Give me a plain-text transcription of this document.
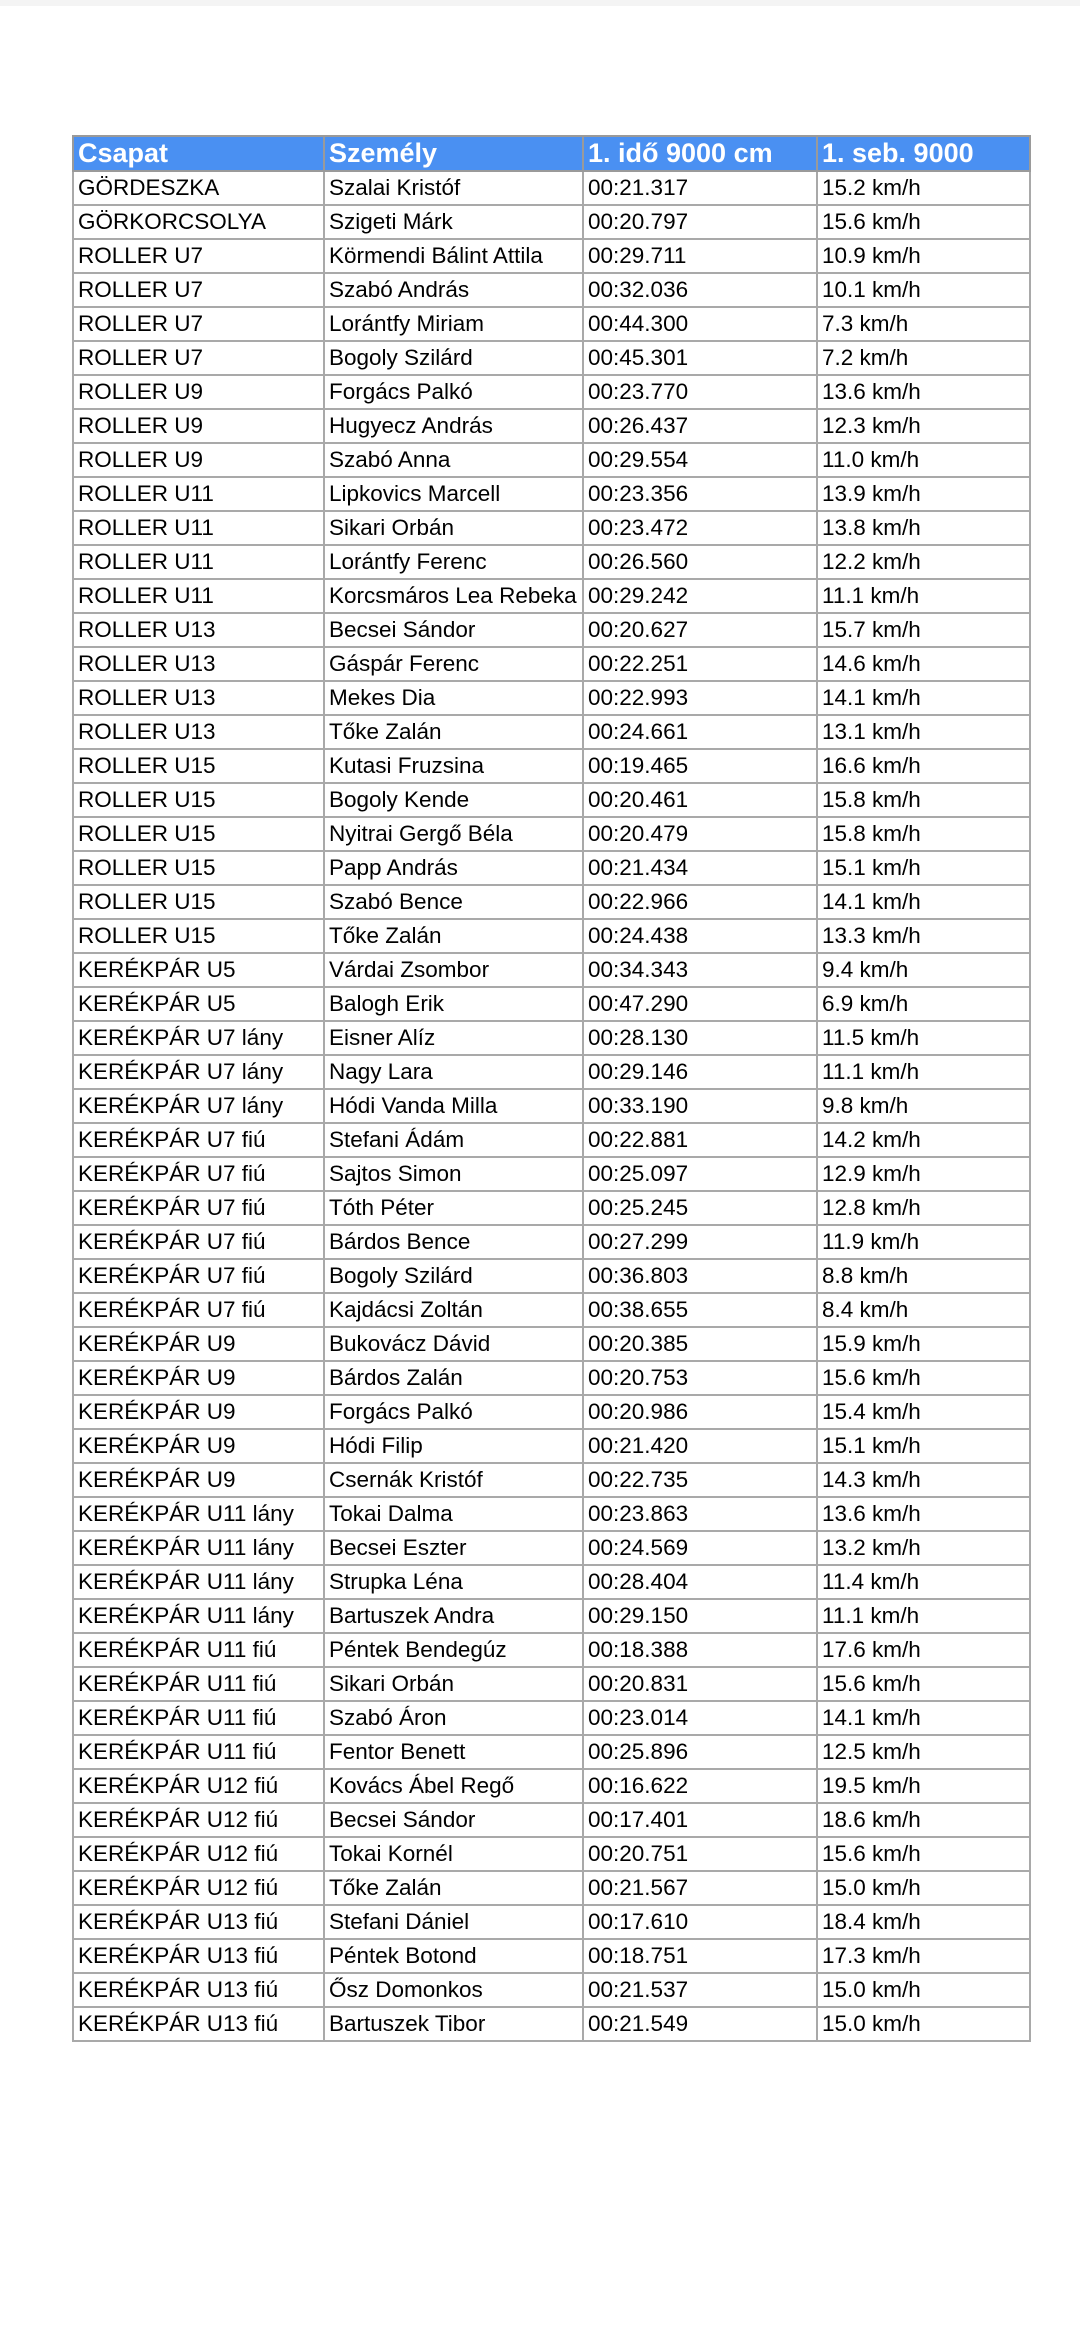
Csapat	Személy	1. idő 9000 cm	1. seb. 9000
GÖRDESZKA	Szalai Kristóf	00:21.317	15.2 km/h
GÖRKORCSOLYA	Szigeti Márk	00:20.797	15.6 km/h
ROLLER U7	Körmendi Bálint Attila	00:29.711	10.9 km/h
ROLLER U7	Szabó András	00:32.036	10.1 km/h
ROLLER U7	Lorántfy Miriam	00:44.300	7.3 km/h
ROLLER U7	Bogoly Szilárd	00:45.301	7.2 km/h
ROLLER U9	Forgács Palkó	00:23.770	13.6 km/h
ROLLER U9	Hugyecz András	00:26.437	12.3 km/h
ROLLER U9	Szabó Anna	00:29.554	11.0 km/h
ROLLER U11	Lipkovics Marcell	00:23.356	13.9 km/h
ROLLER U11	Sikari Orbán	00:23.472	13.8 km/h
ROLLER U11	Lorántfy Ferenc	00:26.560	12.2 km/h
ROLLER U11	Korcsmáros Lea Rebeka	00:29.242	11.1 km/h
ROLLER U13	Becsei Sándor	00:20.627	15.7 km/h
ROLLER U13	Gáspár Ferenc	00:22.251	14.6 km/h
ROLLER U13	Mekes Dia	00:22.993	14.1 km/h
ROLLER U13	Tőke Zalán	00:24.661	13.1 km/h
ROLLER U15	Kutasi Fruzsina	00:19.465	16.6 km/h
ROLLER U15	Bogoly Kende	00:20.461	15.8 km/h
ROLLER U15	Nyitrai Gergő Béla	00:20.479	15.8 km/h
ROLLER U15	Papp András	00:21.434	15.1 km/h
ROLLER U15	Szabó Bence	00:22.966	14.1 km/h
ROLLER U15	Tőke Zalán	00:24.438	13.3 km/h
KERÉKPÁR U5	Várdai Zsombor	00:34.343	9.4 km/h
KERÉKPÁR U5	Balogh Erik	00:47.290	6.9 km/h
KERÉKPÁR U7 lány	Eisner Alíz	00:28.130	11.5 km/h
KERÉKPÁR U7 lány	Nagy Lara	00:29.146	11.1 km/h
KERÉKPÁR U7 lány	Hódi Vanda Milla	00:33.190	9.8 km/h
KERÉKPÁR U7 fiú	Stefani Ádám	00:22.881	14.2 km/h
KERÉKPÁR U7 fiú	Sajtos Simon	00:25.097	12.9 km/h
KERÉKPÁR U7 fiú	Tóth Péter	00:25.245	12.8 km/h
KERÉKPÁR U7 fiú	Bárdos Bence	00:27.299	11.9 km/h
KERÉKPÁR U7 fiú	Bogoly Szilárd	00:36.803	8.8 km/h
KERÉKPÁR U7 fiú	Kajdácsi Zoltán	00:38.655	8.4 km/h
KERÉKPÁR U9	Bukovácz Dávid	00:20.385	15.9 km/h
KERÉKPÁR U9	Bárdos Zalán	00:20.753	15.6 km/h
KERÉKPÁR U9	Forgács Palkó	00:20.986	15.4 km/h
KERÉKPÁR U9	Hódi Filip	00:21.420	15.1 km/h
KERÉKPÁR U9	Csernák Kristóf	00:22.735	14.3 km/h
KERÉKPÁR U11 lány	Tokai Dalma	00:23.863	13.6 km/h
KERÉKPÁR U11 lány	Becsei Eszter	00:24.569	13.2 km/h
KERÉKPÁR U11 lány	Strupka Léna	00:28.404	11.4 km/h
KERÉKPÁR U11 lány	Bartuszek Andra	00:29.150	11.1 km/h
KERÉKPÁR U11 fiú	Péntek Bendegúz	00:18.388	17.6 km/h
KERÉKPÁR U11 fiú	Sikari Orbán	00:20.831	15.6 km/h
KERÉKPÁR U11 fiú	Szabó Áron	00:23.014	14.1 km/h
KERÉKPÁR U11 fiú	Fentor Benett	00:25.896	12.5 km/h
KERÉKPÁR U12 fiú	Kovács Ábel Regő	00:16.622	19.5 km/h
KERÉKPÁR U12 fiú	Becsei Sándor	00:17.401	18.6 km/h
KERÉKPÁR U12 fiú	Tokai Kornél	00:20.751	15.6 km/h
KERÉKPÁR U12 fiú	Tőke Zalán	00:21.567	15.0 km/h
KERÉKPÁR U13 fiú	Stefani Dániel	00:17.610	18.4 km/h
KERÉKPÁR U13 fiú	Péntek Botond	00:18.751	17.3 km/h
KERÉKPÁR U13 fiú	Ősz Domonkos	00:21.537	15.0 km/h
KERÉKPÁR U13 fiú	Bartuszek Tibor	00:21.549	15.0 km/h
